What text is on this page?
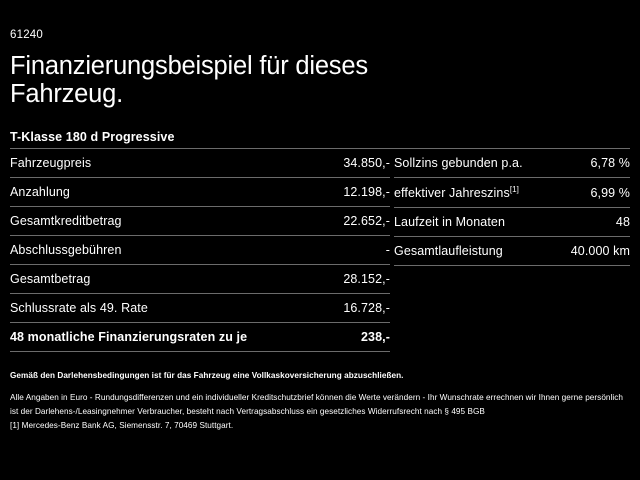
61240
Finanzierungsbeispiel für dieses
Fahrzeug.
T-Klasse 180 d Progressive
Fahrzeugpreis	34.850,-
Anzahlung	12.198,-
Gesamtkreditbetrag	22.652,-
Abschlussgebühren	-
Gesamtbetrag	28.152,-
Schlussrate als 49. Rate	16.728,-
48 monatliche Finanzierungsraten zu je	238,-
Sollzins gebunden p.a.	6,78 %
effektiver Jahreszins[1]	6,99 %
Laufzeit in Monaten	48
Gesamtlaufleistung	40.000 km
Gemäß den Darlehensbedingungen ist für das Fahrzeug eine Vollkaskoversicherung abzuschließen.

Alle Angaben in Euro - Rundungsdifferenzen und ein individueller Kreditschutzbrief können die Werte verändern - Ihr Wunschrate errechnen wir Ihnen gerne persönlich

ist der Darlehens-/Leasingnehmer Verbraucher, besteht nach Vertragsabschluss ein gesetzliches Widerrufsrecht nach § 495 BGB

[1] Mercedes-Benz Bank AG, Siemensstr. 7, 70469 Stuttgart.
